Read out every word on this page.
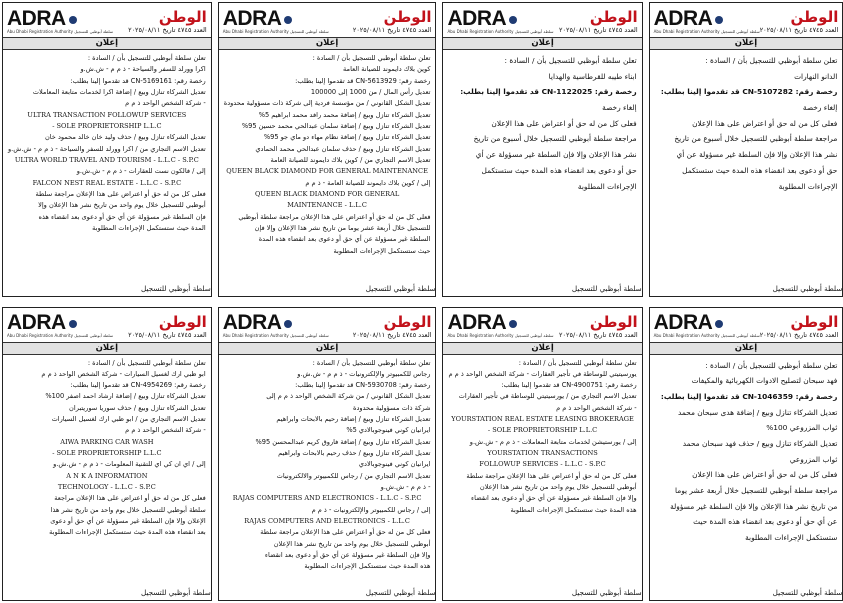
ADRA
Abu Dhabi Registration Authority سلطة أبوظبي للتسجيل
الوطن
العدد ٤٧٤٥ تاريخ ٢٠٢٥/٠٨/١١
إعلان

تعلن سلطة أبوظبي للتسجيل بأن / السادة :

اكرا وورلد للسفر والسياحة - ذ م م - ش.ش.و

رخصة رقم: CN-5169161 قد تقدموا إلينا بطلب:

تعديل الشركاء تنازل وبيع / إضافة اكرا لخدمات متابعة المعاملات

- شركة الشخص الواحد ذ م م

ULTRA TRANSACTION FOLLOWUP SERVICES

- SOLE PROPRIETORSHIP L.L.C

تعديل الشركاء تنازل وبيع / حذف وليد خان خالد محمود خان

تعديل الاسم التجاري من / اكرا وورلد للسفر والسياحة - ذ م م - ش.ش.و

ULTRA WORLD TRAVEL AND TOURISM - L.L.C - S.P.C

إلى / فالكون نست للعقارات - ذ م م - ش.ش.و

FALCON NEST REAL ESTATE - L.L.C - S.P.C

فعلى كل من له حق أو اعتراض على هذا الإعلان مراجعة سلطة

أبوظبي للتسجيل خلال يوم واحد من تاريخ نشر هذا الإعلان وإلا

فإن السلطة غير مسؤولة عن أي حق أو دعوى بعد انقضاء هذه

المدة حيث ستستكمل الإجراءات المطلوبة

سلطة أبوظبي للتسجيل
ADRA
Abu Dhabi Registration Authority سلطة أبوظبي للتسجيل
الوطن
العدد ٤٧٤٥ تاريخ ٢٠٢٥/٠٨/١١
إعلان

تعلن سلطة أبوظبي للتسجيل بأن / السادة :

كوين بلاك دايموند للصيانة العامة

رخصة رقم: CN-5613929 قد تقدموا إلينا بطلب:

تعديل رأس المال / من 1000 إلى 100000

تعديل الشكل القانوني / من مؤسسة فردية إلى شركة ذات مسؤولية محدودة

تعديل الشركاء تنازل وبيع / إضافة محمد رافد محمد ابراهيم 5%

تعديل الشركاء تنازل وبيع / إضافة سلمان عبدالحي محمد حسين 95%

تعديل الشركاء تنازل وبيع / إضافة نظام مهاء دو ماي جو 95%

تعديل الشركاء تنازل وبيع / حذف سلمان عبدالحي محمد الحمادي

تعديل الاسم التجاري من / كوين بلاك دايموند للصيانة العامة

QUEEN BLACK DIAMOND FOR GENERAL MAINTENANCE

إلى / كوين بلاك دايموند للصيانة العامة - ذ م م

QUEEN BLACK DIAMOND FOR GENERAL

MAINTENANCE - L.L.C

فعلى كل من له حق أو اعتراض على هذا الإعلان مراجعة سلطة أبوظبي

للتسجيل خلال أربعة عشر يوما من تاريخ نشر هذا الإعلان وإلا فإن

السلطة غير مسؤولة عن أي حق أو دعوى بعد انقضاء هذه المدة

حيث ستستكمل الإجراءات المطلوبة

سلطة أبوظبي للتسجيل
ADRA
Abu Dhabi Registration Authority سلطة أبوظبي للتسجيل
الوطن
العدد ٤٧٤٥ تاريخ ٢٠٢٥/٠٨/١١
إعلان

تعلن سلطة أبوظبي للتسجيل بأن / السادة :

ابناء طيبه للقرطاسية والهدايا

رخصة رقم: CN-1122025 قد تقدموا إلينا بطلب:

إلغاء رخصة

فعلى كل من له حق أو اعتراض على هذا الإعلان

مراجعة سلطة أبوظبي للتسجيل خلال أسبوع من تاريخ

نشر هذا الإعلان وإلا فإن السلطة غير مسؤولة عن أي

حق أو دعوى بعد انقضاء هذه المدة حيث ستستكمل

الإجراءات المطلوبة

سلطة أبوظبي للتسجيل
ADRA
Abu Dhabi Registration Authority سلطة أبوظبي للتسجيل
الوطن
العدد ٤٧٤٥ تاريخ ٢٠٢٥/٠٨/١١
إعلان

تعلن سلطة أبوظبي للتسجيل بأن / السادة :

الدانو النهارات

رخصة رقم: CN-5107282 قد تقدموا إلينا بطلب:

إلغاء رخصة

فعلى كل من له حق أو اعتراض على هذا الإعلان

مراجعة سلطة أبوظبي للتسجيل خلال أسبوع من تاريخ

نشر هذا الإعلان وإلا فإن السلطة غير مسؤولة عن أي

حق أو دعوى بعد انقضاء هذه المدة حيث ستستكمل

الإجراءات المطلوبة

سلطة أبوظبي للتسجيل
ADRA
Abu Dhabi Registration Authority سلطة أبوظبي للتسجيل
الوطن
العدد ٤٧٤٥ تاريخ ٢٠٢٥/٠٨/١١
إعلان

تعلن سلطة أبوظبي للتسجيل بأن / السادة :

ابو ظبي ارك لغسيل السيارات - شركة الشخص الواحد ذ م م

رخصة رقم: CN-4954269 قد تقدموا إلينا بطلب:

تعديل الشركاء تنازل وبيع / إضافة ارشاد احمد اصفر 100%

تعديل الشركاء تنازل وبيع / حذف سوريا سوريتبران

تعديل الاسم التجاري من / ابو ظبي ارك لغسيل السيارات

- شركة الشخص الواحد ذ م م

AIWA PARKING CAR WASH

- SOLE PROPRIETORSHIP L.L.C

إلى / اي ان كي اي للتقنية المعلومات - ذ م م - ش.ش.و

A N K A INFORMATION

TECHNOLOGY - L.L.C - S.P.C

فعلى كل من له حق أو اعتراض على هذا الإعلان مراجعة

سلطة أبوظبي للتسجيل خلال يوم واحد من تاريخ نشر هذا

الإعلان وإلا فإن السلطة غير مسؤولة عن أي حق أو دعوى

بعد انقضاء هذه المدة حيث ستستكمل الإجراءات المطلوبة

سلطة أبوظبي للتسجيل
ADRA
Abu Dhabi Registration Authority سلطة أبوظبي للتسجيل
الوطن
العدد ٤٧٤٥ تاريخ ٢٠٢٥/٠٨/١١
إعلان

تعلن سلطة أبوظبي للتسجيل بأن / السادة :

رجاس للكمبيوتر والإلكترونيات - ذ م م - ش.ش.و

رخصة رقم: CN-5930708 قد تقدموا إلينا بطلب:

تعديل الشكل القانوني / من شركة الشخص الواحد ذ م م إلى

شركة ذات مسؤولية محدودة

تعديل الشركاء تنازل وبيع / إضافة رحيم بالابحات وابراهيم

ايرانيان كوني فينوجوبالادي 5%

تعديل الشركاء تنازل وبيع / إضافة فاروق كريم عبدالمحسن 95%

تعديل الشركاء تنازل وبيع / حذف رحيم بالابحات وابراهيم

ايرانيان كوني فينوجوبالادي

تعديل الاسم التجاري من / رجاس للكمبيوتر والالكترونيات

- ذ م م - ش.ش.و

RAJAS COMPUTERS AND ELECTRONICS - L.L.C - S.P.C

إلى / رجاس للكمبيوتر والإلكترونيات - ذ م م

RAJAS COMPUTERS AND ELECTRONICS - L.L.C

فعلى كل من له حق أو اعتراض على هذا الإعلان مراجعة سلطة

أبوظبي للتسجيل خلال يوم واحد من تاريخ نشر هذا الإعلان

وإلا فإن السلطة غير مسؤولة عن أي حق أو دعوى بعد انقضاء

هذه المدة حيث ستستكمل الإجراءات المطلوبة

سلطة أبوظبي للتسجيل
ADRA
Abu Dhabi Registration Authority سلطة أبوظبي للتسجيل
الوطن
العدد ٤٧٤٥ تاريخ ٢٠٢٥/٠٨/١١
إعلان

تعلن سلطة أبوظبي للتسجيل بأن / السادة :

يورسيتيتي للوساطة في تأجير العقارات - شركة الشخص الواحد ذ م م

رخصة رقم: CN-4900751 قد تقدموا إلينا بطلب:

تعديل الاسم التجاري من / يورسيتيتي للوساطة في تأجير العقارات

- شركة الشخص الواحد ذ م م

YOURSTATION REAL ESTATE LEASING BROKERAGE

- SOLE PROPRIETORSHIP L.L.C

إلى / يورستيشن لخدمات متابعة المعاملات - ذ م م - ش.ش.و

YOURSTATION TRANSACTIONS

FOLLOWUP SERVICES - L.L.C - S.P.C

فعلى كل من له حق أو اعتراض على هذا الإعلان مراجعة سلطة

أبوظبي للتسجيل خلال يوم واحد من تاريخ نشر هذا الإعلان

وإلا فإن السلطة غير مسؤولة عن أي حق أو دعوى بعد انقضاء

هذه المدة حيث ستستكمل الإجراءات المطلوبة

سلطة أبوظبي للتسجيل
ADRA
Abu Dhabi Registration Authority سلطة أبوظبي للتسجيل
الوطن
العدد ٤٧٤٥ تاريخ ٢٠٢٥/٠٨/١١
إعلان

تعلن سلطة أبوظبي للتسجيل بأن / السادة :

فهد سبحان لتصليح الادوات الكهربائية والمكيفات

رخصة رقم: CN-1046359 قد تقدموا إلينا بطلب:

تعديل الشركاء تنازل وبيع / إضافة هدى سبحان محمد

ثواب المزروعي 100%

تعديل الشركاء تنازل وبيع / حذف فهد سبحان محمد

ثواب المزروعي

فعلى كل من له حق أو اعتراض على هذا الإعلان

مراجعة سلطة أبوظبي للتسجيل خلال أربعة عشر يوما

من تاريخ نشر هذا الإعلان وإلا فإن السلطة غير مسؤولة

عن أي حق أو دعوى بعد انقضاء هذه المدة حيث

ستستكمل الإجراءات المطلوبة

سلطة أبوظبي للتسجيل
